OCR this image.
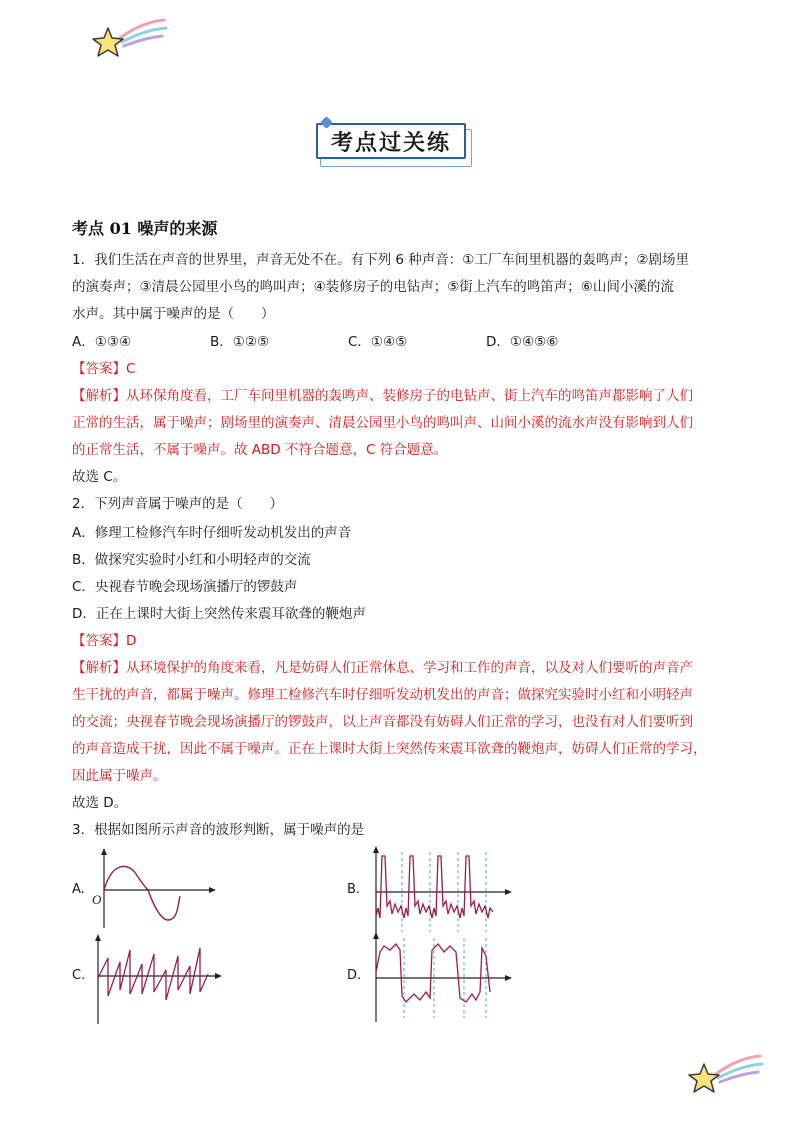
考点过关练
考点 01 噪声的来源
1．我们生活在声音的世界里，声音无处不在。有下列 6 种声音：①工厂车间里机器的轰鸣声；②剧场里
的演奏声；③清晨公园里小鸟的鸣叫声；④装修房子的电钻声；⑤街上汽车的鸣笛声；⑥山间小溪的流
水声。其中属于噪声的是（　　）
A．①③④	B．①②⑤	C．①④⑤	D．①④⑤⑥
【答案】C
【解析】从环保角度看，工厂车间里机器的轰鸣声、装修房子的电钻声、街上汽车的鸣笛声都影响了人们
正常的生活，属于噪声；剧场里的演奏声、清晨公园里小鸟的鸣叫声、山间小溪的流水声没有影响到人们
的正常生活，不属于噪声。故 ABD 不符合题意，C 符合题意。
故选 C。
2．下列声音属于噪声的是（　　）
A．修理工检修汽车时仔细听发动机发出的声音
B．做探究实验时小红和小明轻声的交流
C．央视春节晚会现场演播厅的锣鼓声
D．正在上课时大街上突然传来震耳欲聋的鞭炮声
【答案】D
【解析】从环境保护的角度来看，凡是妨碍人们正常休息、学习和工作的声音，以及对人们要听的声音产
生干扰的声音，都属于噪声。修理工检修汽车时仔细听发动机发出的声音；做探究实验时小红和小明轻声
的交流；央视春节晚会现场演播厅的锣鼓声，以上声音都没有妨碍人们正常的学习，也没有对人们要听到
的声音造成干扰，因此不属于噪声。正在上课时大街上突然传来震耳欲聋的鞭炮声，妨碍人们正常的学习，
因此属于噪声。
故选 D。
3．根据如图所示声音的波形判断，属于噪声的是
A.	B.
C.	D.
O
